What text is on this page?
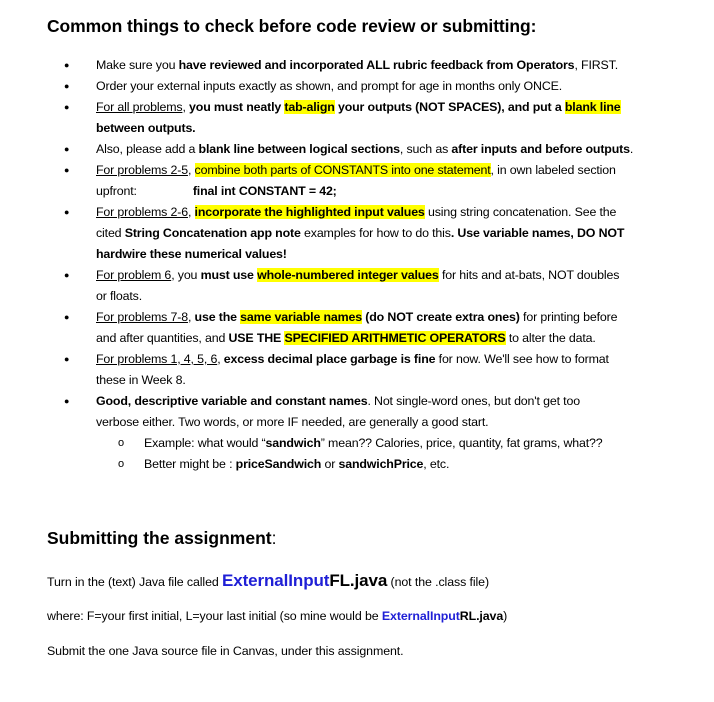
Common things to check before code review or submitting:
● Make sure you have reviewed and incorporated ALL rubric feedback from Operators, FIRST.
● Order your external inputs exactly as shown, and prompt for age in months only ONCE.
● For all problems, you must neatly tab-align your outputs (NOT SPACES), and put a blank line
between outputs.
● Also, please add a blank line between logical sections, such as after inputs and before outputs.
● For problems 2-5, combine both parts of CONSTANTS into one statement, in own labeled section
upfront:	final int CONSTANT = 42;
● For problems 2-6, incorporate the highlighted input values using string concatenation. See the
cited String Concatenation app note examples for how to do this. Use variable names, DO NOT
hardwire these numerical values!
● For problem 6, you must use whole-numbered integer values for hits and at-bats, NOT doubles
or floats.
● For problems 7-8, use the same variable names (do NOT create extra ones) for printing before
and after quantities, and USE THE SPECIFIED ARITHMETIC OPERATORS to alter the data.
● For problems 1, 4, 5, 6, excess decimal place garbage is fine for now. We'll see how to format
these in Week 8.
● Good, descriptive variable and constant names. Not single-word ones, but don't get too
verbose either. Two words, or more IF needed, are generally a good start.
o Example: what would “sandwich” mean?? Calories, price, quantity, fat grams, what??
o Better might be : priceSandwich or sandwichPrice, etc.
Submitting the assignment:
Turn in the (text) Java file called ExternalInputFL.java (not the .class file)
where: F=your first initial, L=your last initial (so mine would be ExternalInputRL.java)
Submit the one Java source file in Canvas, under this assignment.
